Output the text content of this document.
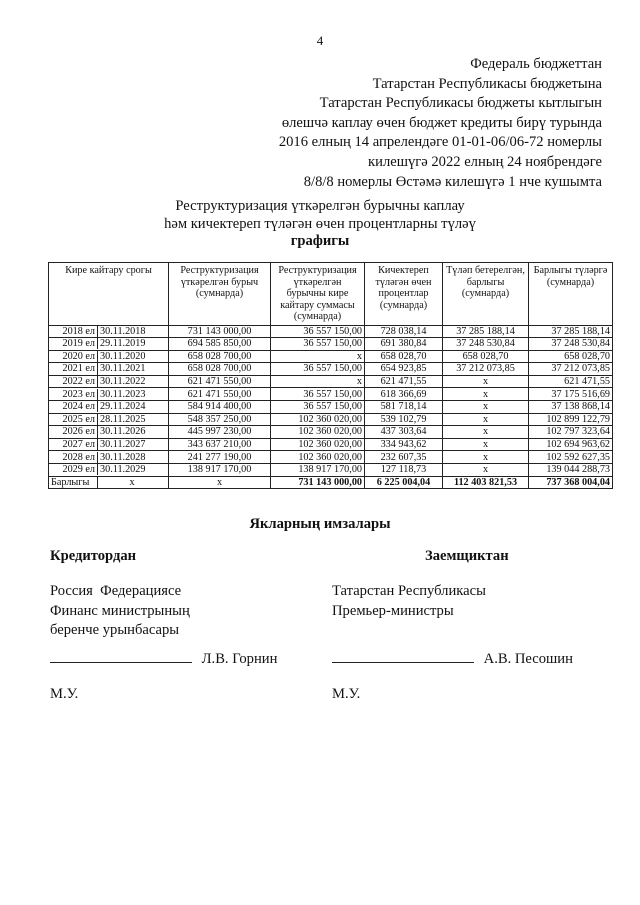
4
Федераль бюджеттан
Татарстан Республикасы бюджетына
Татарстан Республикасы бюджеты кытлыгын
өлешчә каплау өчен бюджет кредиты бирү турында
2016 елның 14 апрелендәге 01-01-06/06-72 номерлы
килешүгә 2022 елның 24 ноябрендәге
8/8/8 номерлы Өстәмә килешүгә 1 нче кушымта
Реструктуризация үткәрелгән бурычны каплау
һәм кичектереп түләгән өчен процентларны түләү
графигы
Кире кайтару срогы	Реструктуризация үткәрелгән бурыч (сумнарда)	Реструктуризация үткәрелгән бурычны кире кайтару суммасы (сумнарда)	Кичектереп түләгән өчен процентлар (сумнарда)	Түләп бетерелгән, барлыгы (сумнарда)	Барлыгы түләргә (сумнарда)
2018 ел 30.11.2018	731 143 000,00	36 557 150,00	728 038,14	37 285 188,14	37 285 188,14
2019 ел 29.11.2019	694 585 850,00	36 557 150,00	691 380,84	37 248 530,84	37 248 530,84
2020 ел 30.11.2020	658 028 700,00	х	658 028,70	658 028,70	658 028,70
2021 ел 30.11.2021	658 028 700,00	36 557 150,00	654 923,85	37 212 073,85	37 212 073,85
2022 ел 30.11.2022	621 471 550,00	х	621 471,55	х	621 471,55
2023 ел 30.11.2023	621 471 550,00	36 557 150,00	618 366,69	х	37 175 516,69
2024 ел 29.11.2024	584 914 400,00	36 557 150,00	581 718,14	х	37 138 868,14
2025 ел 28.11.2025	548 357 250,00	102 360 020,00	539 102,79	х	102 899 122,79
2026 ел 30.11.2026	445 997 230,00	102 360 020,00	437 303,64	х	102 797 323,64
2027 ел 30.11.2027	343 637 210,00	102 360 020,00	334 943,62	х	102 694 963,62
2028 ел 30.11.2028	241 277 190,00	102 360 020,00	232 607,35	х	102 592 627,35
2029 ел 30.11.2029	138 917 170,00	138 917 170,00	127 118,73	х	139 044 288,73
Барлыгы х	х	731 143 000,00	6 225 004,04	112 403 821,53	737 368 004,04
Якларның имзалары
Кредитордан	Заемщиктан
Россия  Федерациясе
Финанс министрының
беренче урынбасары
Татарстан Республикасы
Премьер-министры
Л.В. Горнин	А.В. Песошин
М.У.	М.У.
